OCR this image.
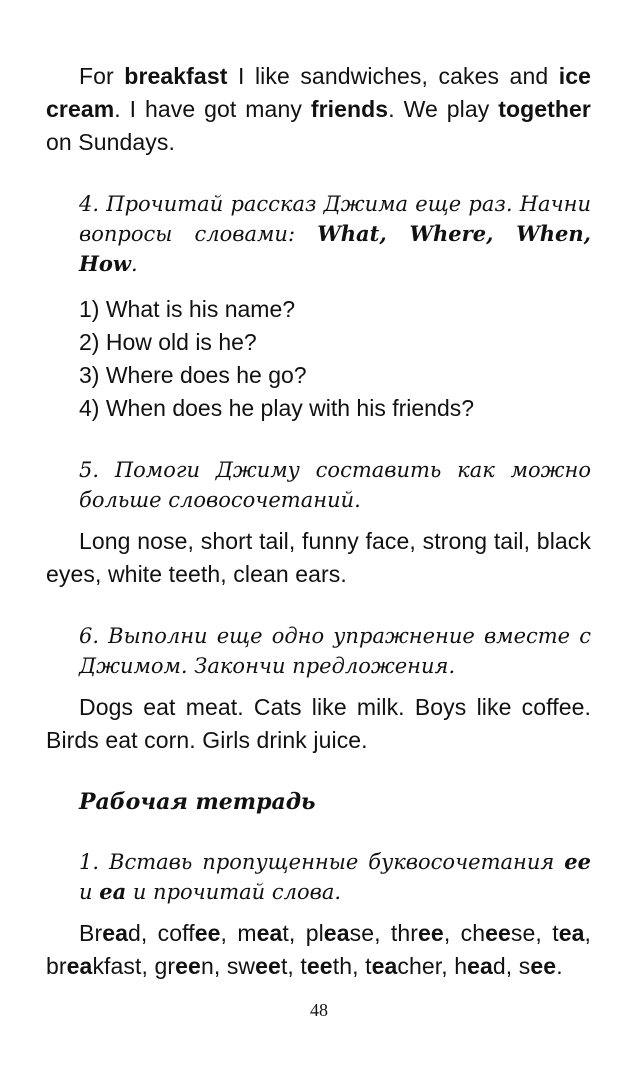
For breakfast I like sandwiches, cakes and ice cream. I have got many friends. We play together on Sundays.

4. Прочитай рассказ Джима еще раз. Начни вопросы словами: What, Where, When, How.

1) What is his name?
2) How old is he?
3) Where does he go?
4) When does he play with his friends?

5. Помоги Джиму составить как можно больше словосочетаний.

Long nose, short tail, funny face, strong tail, black eyes, white teeth, clean ears.

6. Выполни еще одно упражнение вместе с Джимом. Закончи предложения.

Dogs eat meat. Cats like milk. Boys like coffee. Birds eat corn. Girls drink juice.

Рабочая тетрадь

1. Вставь пропущенные буквосочетания ee и ea и прочитай слова.

Bread, coffee, meat, please, three, cheese, tea, breakfast, green, sweet, teeth, teacher, head, see.

48
